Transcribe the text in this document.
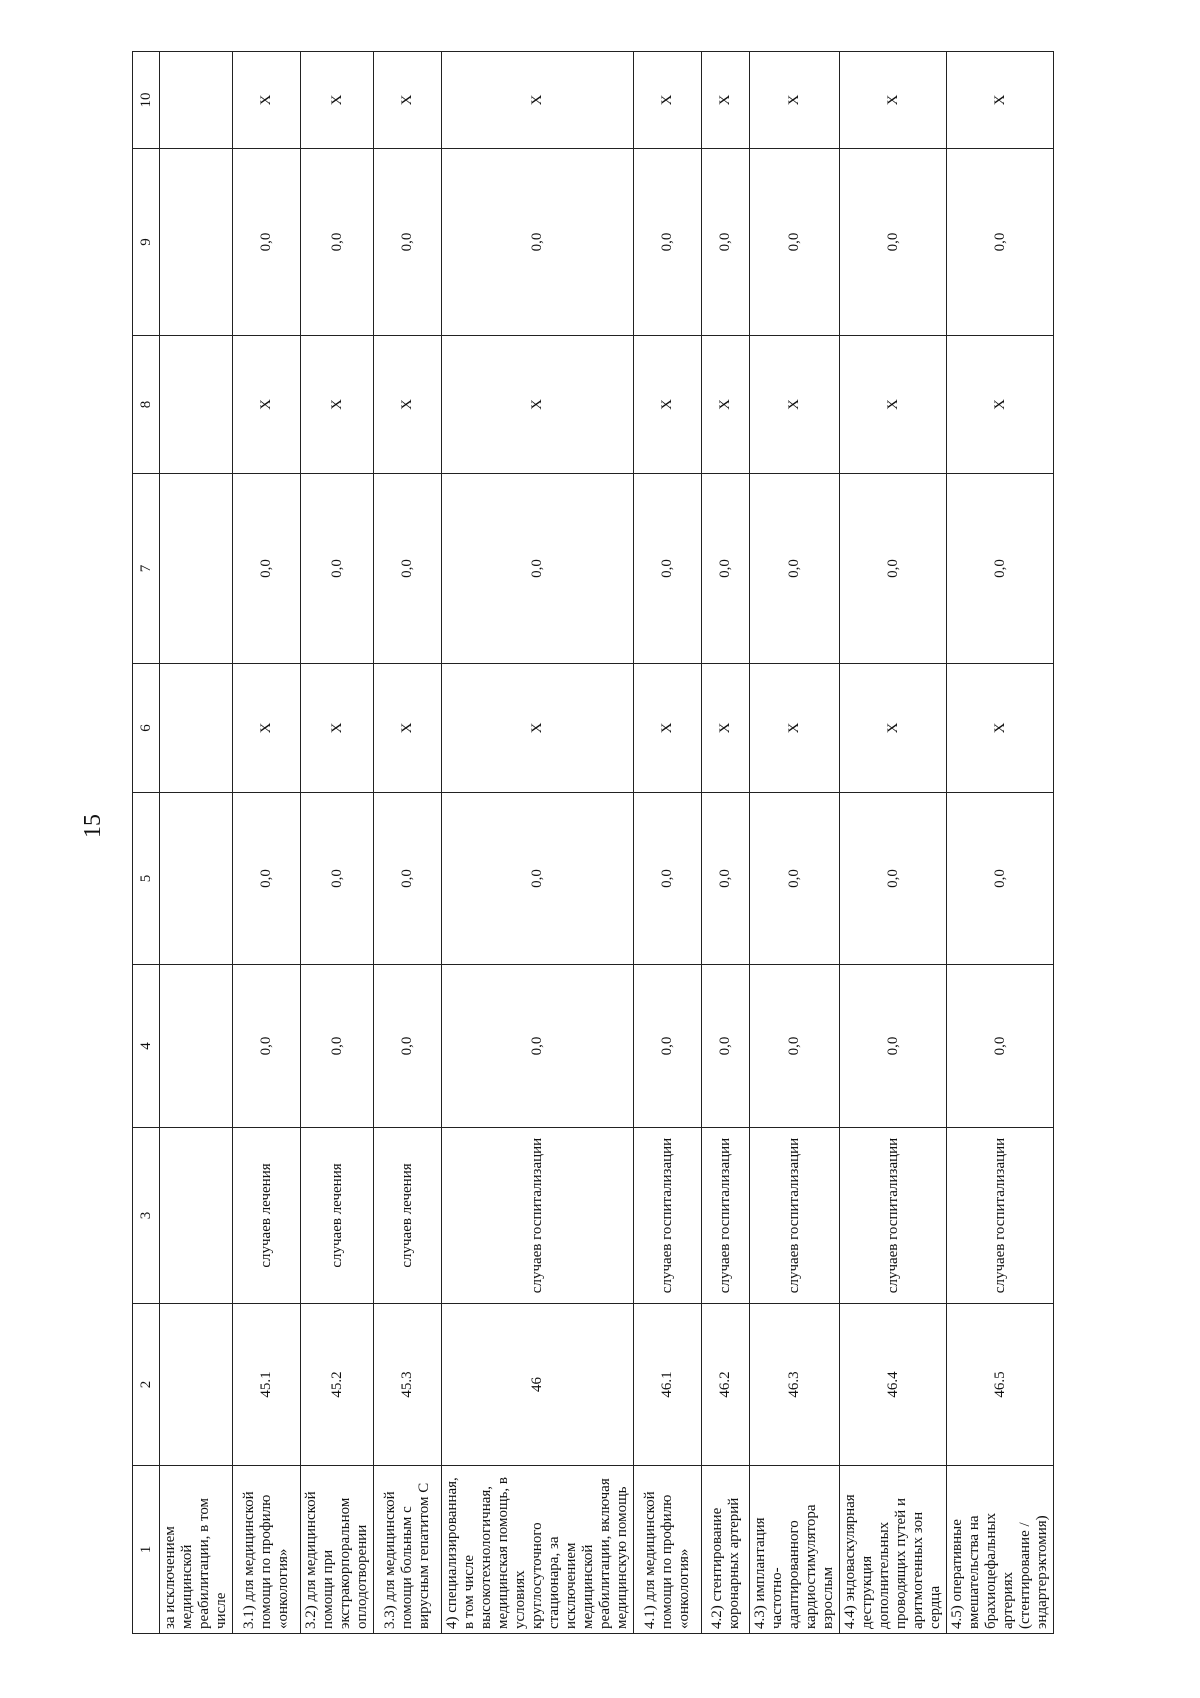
15
1	2	3	4	5	6	7	8	9	10
за исключением медицинской реабилитации, в том числе									
3.1) для медицинской помощи по профилю «онкология»	45.1	случаев лечения	0,0	0,0	X	0,0	X	0,0	X
3.2) для медицинской помощи при экстракорпоральном оплодотворении	45.2	случаев лечения	0,0	0,0	X	0,0	X	0,0	X
3.3) для медицинской помощи больным с вирусным гепатитом С	45.3	случаев лечения	0,0	0,0	X	0,0	X	0,0	X
4) специализированная, в том числе высокотехнологичная, медицинская помощь, в условиях круглосуточного стационара, за исключением медицинской реабилитации, включая медицинскую помощь	46	случаев госпитализации	0,0	0,0	X	0,0	X	0,0	X
4.1) для медицинской помощи по профилю «онкология»	46.1	случаев госпитализации	0,0	0,0	X	0,0	X	0,0	X
4.2) стентирование коронарных артерий	46.2	случаев госпитализации	0,0	0,0	X	0,0	X	0,0	X
4.3) имплантация частотно-адаптированного кардиостимулятора взрослым	46.3	случаев госпитализации	0,0	0,0	X	0,0	X	0,0	X
4.4) эндоваскулярная деструкция дополнительных проводящих путей и аритмогенных зон сердца	46.4	случаев госпитализации	0,0	0,0	X	0,0	X	0,0	X
4.5) оперативные вмешательства на брахиоцефальных артериях (стентирование / эндартерэктомия)	46.5	случаев госпитализации	0,0	0,0	X	0,0	X	0,0	X
